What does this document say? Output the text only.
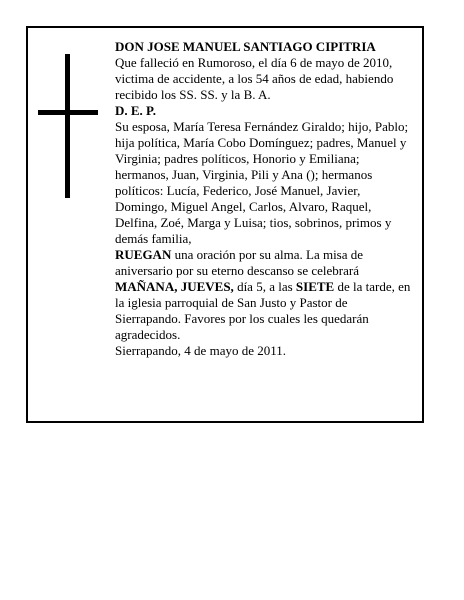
DON JOSE MANUEL SANTIAGO CIPITRIA

Que falleció en Rumoroso, el día 6 de mayo de 2010, victima de accidente, a los 54 años de edad, habiendo recibido los SS. SS. y la B. A.

D. E. P.

Su esposa, María Teresa Fernández Giraldo; hijo, Pablo; hija política, María Cobo Domínguez; padres, Manuel y Virginia; padres políticos, Honorio y Emiliana; hermanos, Juan, Virginia, Pili y Ana (); hermanos políticos: Lucía, Federico, José Manuel, Javier, Domingo, Miguel Angel, Carlos, Alvaro, Raquel, Delfina, Zoé, Marga y Luisa; tios, sobrinos, primos y demás familia,

RUEGAN una oración por su alma. La misa de aniversario por su eterno descanso se celebrará MAÑANA, JUEVES, día 5, a las SIETE de la tarde, en la iglesia parroquial de San Justo y Pastor de Sierrapando. Favores por los cuales les quedarán agradecidos.

Sierrapando, 4 de mayo de 2011.
